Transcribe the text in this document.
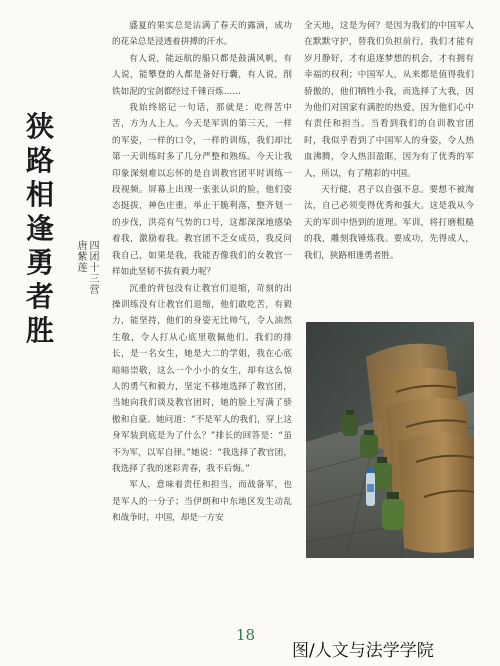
狭路相逢勇者胜
四团十三营
唐紫莲

盛夏的果实总是沾满了春天的露滴，成功的花朵总是浸透着拼搏的汗水。

有人说，能远航的船只都是鼓满风帆，有人说，能攀登的人都是备好行囊，有人说，削铁如泥的宝剑都经过千锤百炼……

我始终铭记一句话，那就是：吃得苦中苦，方为人上人。今天是军训的第三天，一样的军姿，一样的口令，一样的训练，我们却比第一天训练时多了几分严整和熟练。今天让我印象深刻难以忘怀的是自训教官团平时训练一段视频。屏幕上出现一张张认识的脸，他们姿态挺拔，神色庄重，举止干脆利落，整齐划一的步伐，洪亮有气势的口号，这都深深地感染着我，激励着我。教官团不乏女成员，我反问我自己，如果是我，我能否像我们的女教官一样如此坚韧不拔有毅力呢？

沉重的背包没有让教官们退缩，苛刻的出操训练没有让教官们退缩，他们敢吃苦，有毅力，能坚持，他们的身姿无比帅气，令人油然生敬，令人打从心底里敬佩他们。我们的排长，是一名女生，她是大二的学姐，我在心底暗暗崇敬，这么一个小小的女生，却有这么惊人的勇气和毅力，坚定不移地选择了教官团，当她向我们谈及教官团时，她的脸上写满了骄傲和自豪。她问道：“不是军人的我们，穿上这身军装到底是为了什么？”排长的回答是：“虽不为军，以军自律。”她说：“我选择了教官团，我选择了我的迷彩青春，我不后悔。”

军人，意味着责任和担当，而战备军，也是军人的一分子；当伊朗和中东地区发生动乱和战争时，中国，却是一方安

全天地，这是为何？是因为我们的中国军人在默默守护，替我们负担前行，我们才能有岁月静好，才有追逐梦想的机会，才有拥有幸福的权利；中国军人，从来都是值得我们骄傲的，他们牺牲小我，而选择了大我，因为他们对国家有满腔的热爱，因为他们心中有责任和担当。当看到我们的自训教官团时，我似乎看到了中国军人的身姿，令人热血沸腾，令人热泪盈眶，因为有了优秀的军人，所以，有了精彩的中国。

天行健，君子以自强不息。要想不被淘汰，自己必须变得优秀和强大。这是我从今天的军训中悟到的道理。军训，将打磨粗糙的我，雕刻我锤炼我。要成功，先得成人，我们，狭路相逢勇者胜。

18
图/人文与法学学院
